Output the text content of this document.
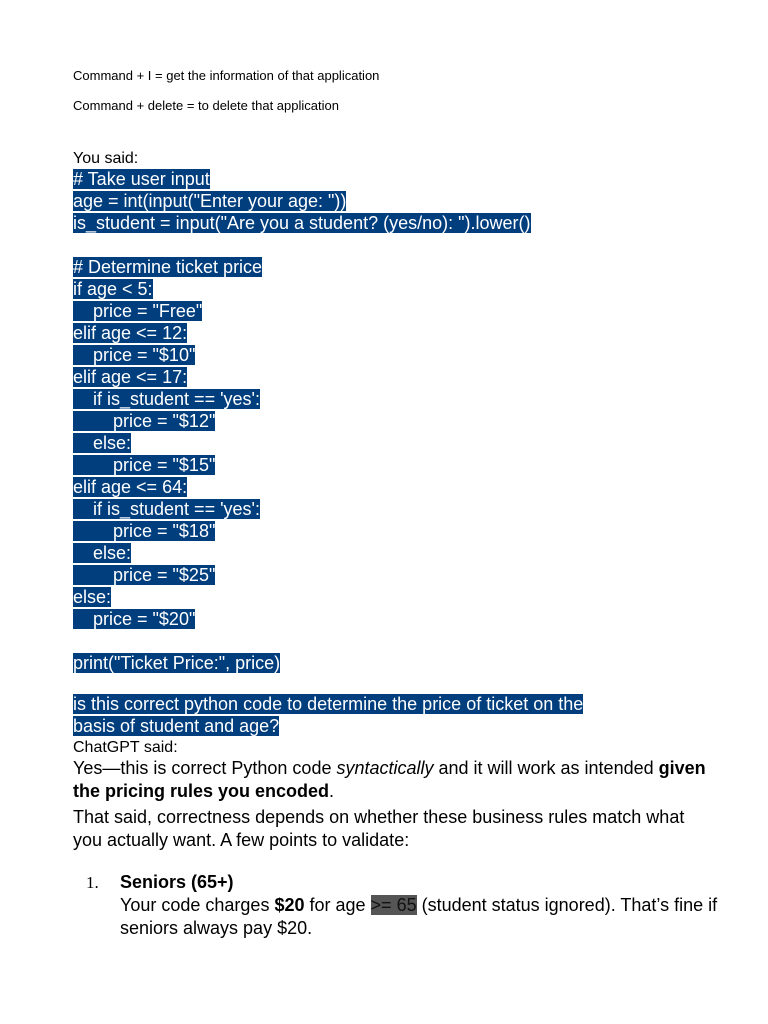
Command + I = get the information of that application
Command + delete = to delete that application
You said:
# Take user input
age = int(input("Enter your age: "))
is_student = input("Are you a student? (yes/no): ").lower()
# Determine ticket price
if age < 5:
price = "Free"
elif age <= 12:
price = "$10"
elif age <= 17:
if is_student == 'yes':
price = "$12"
else:
price = "$15"
elif age <= 64:
if is_student == 'yes':
price = "$18"
else:
price = "$25"
else:
price = "$20"
print("Ticket Price:", price)
is this correct python code to determine the price of ticket on the
basis of student and age?
ChatGPT said:
Yes—this is correct Python code syntactically and it will work as intended given the pricing rules you encoded.
That said, correctness depends on whether these business rules match what you actually want. A few points to validate:
1. Seniors (65+)
Your code charges $20 for age >= 65 (student status ignored). That’s fine if seniors always pay $20.
